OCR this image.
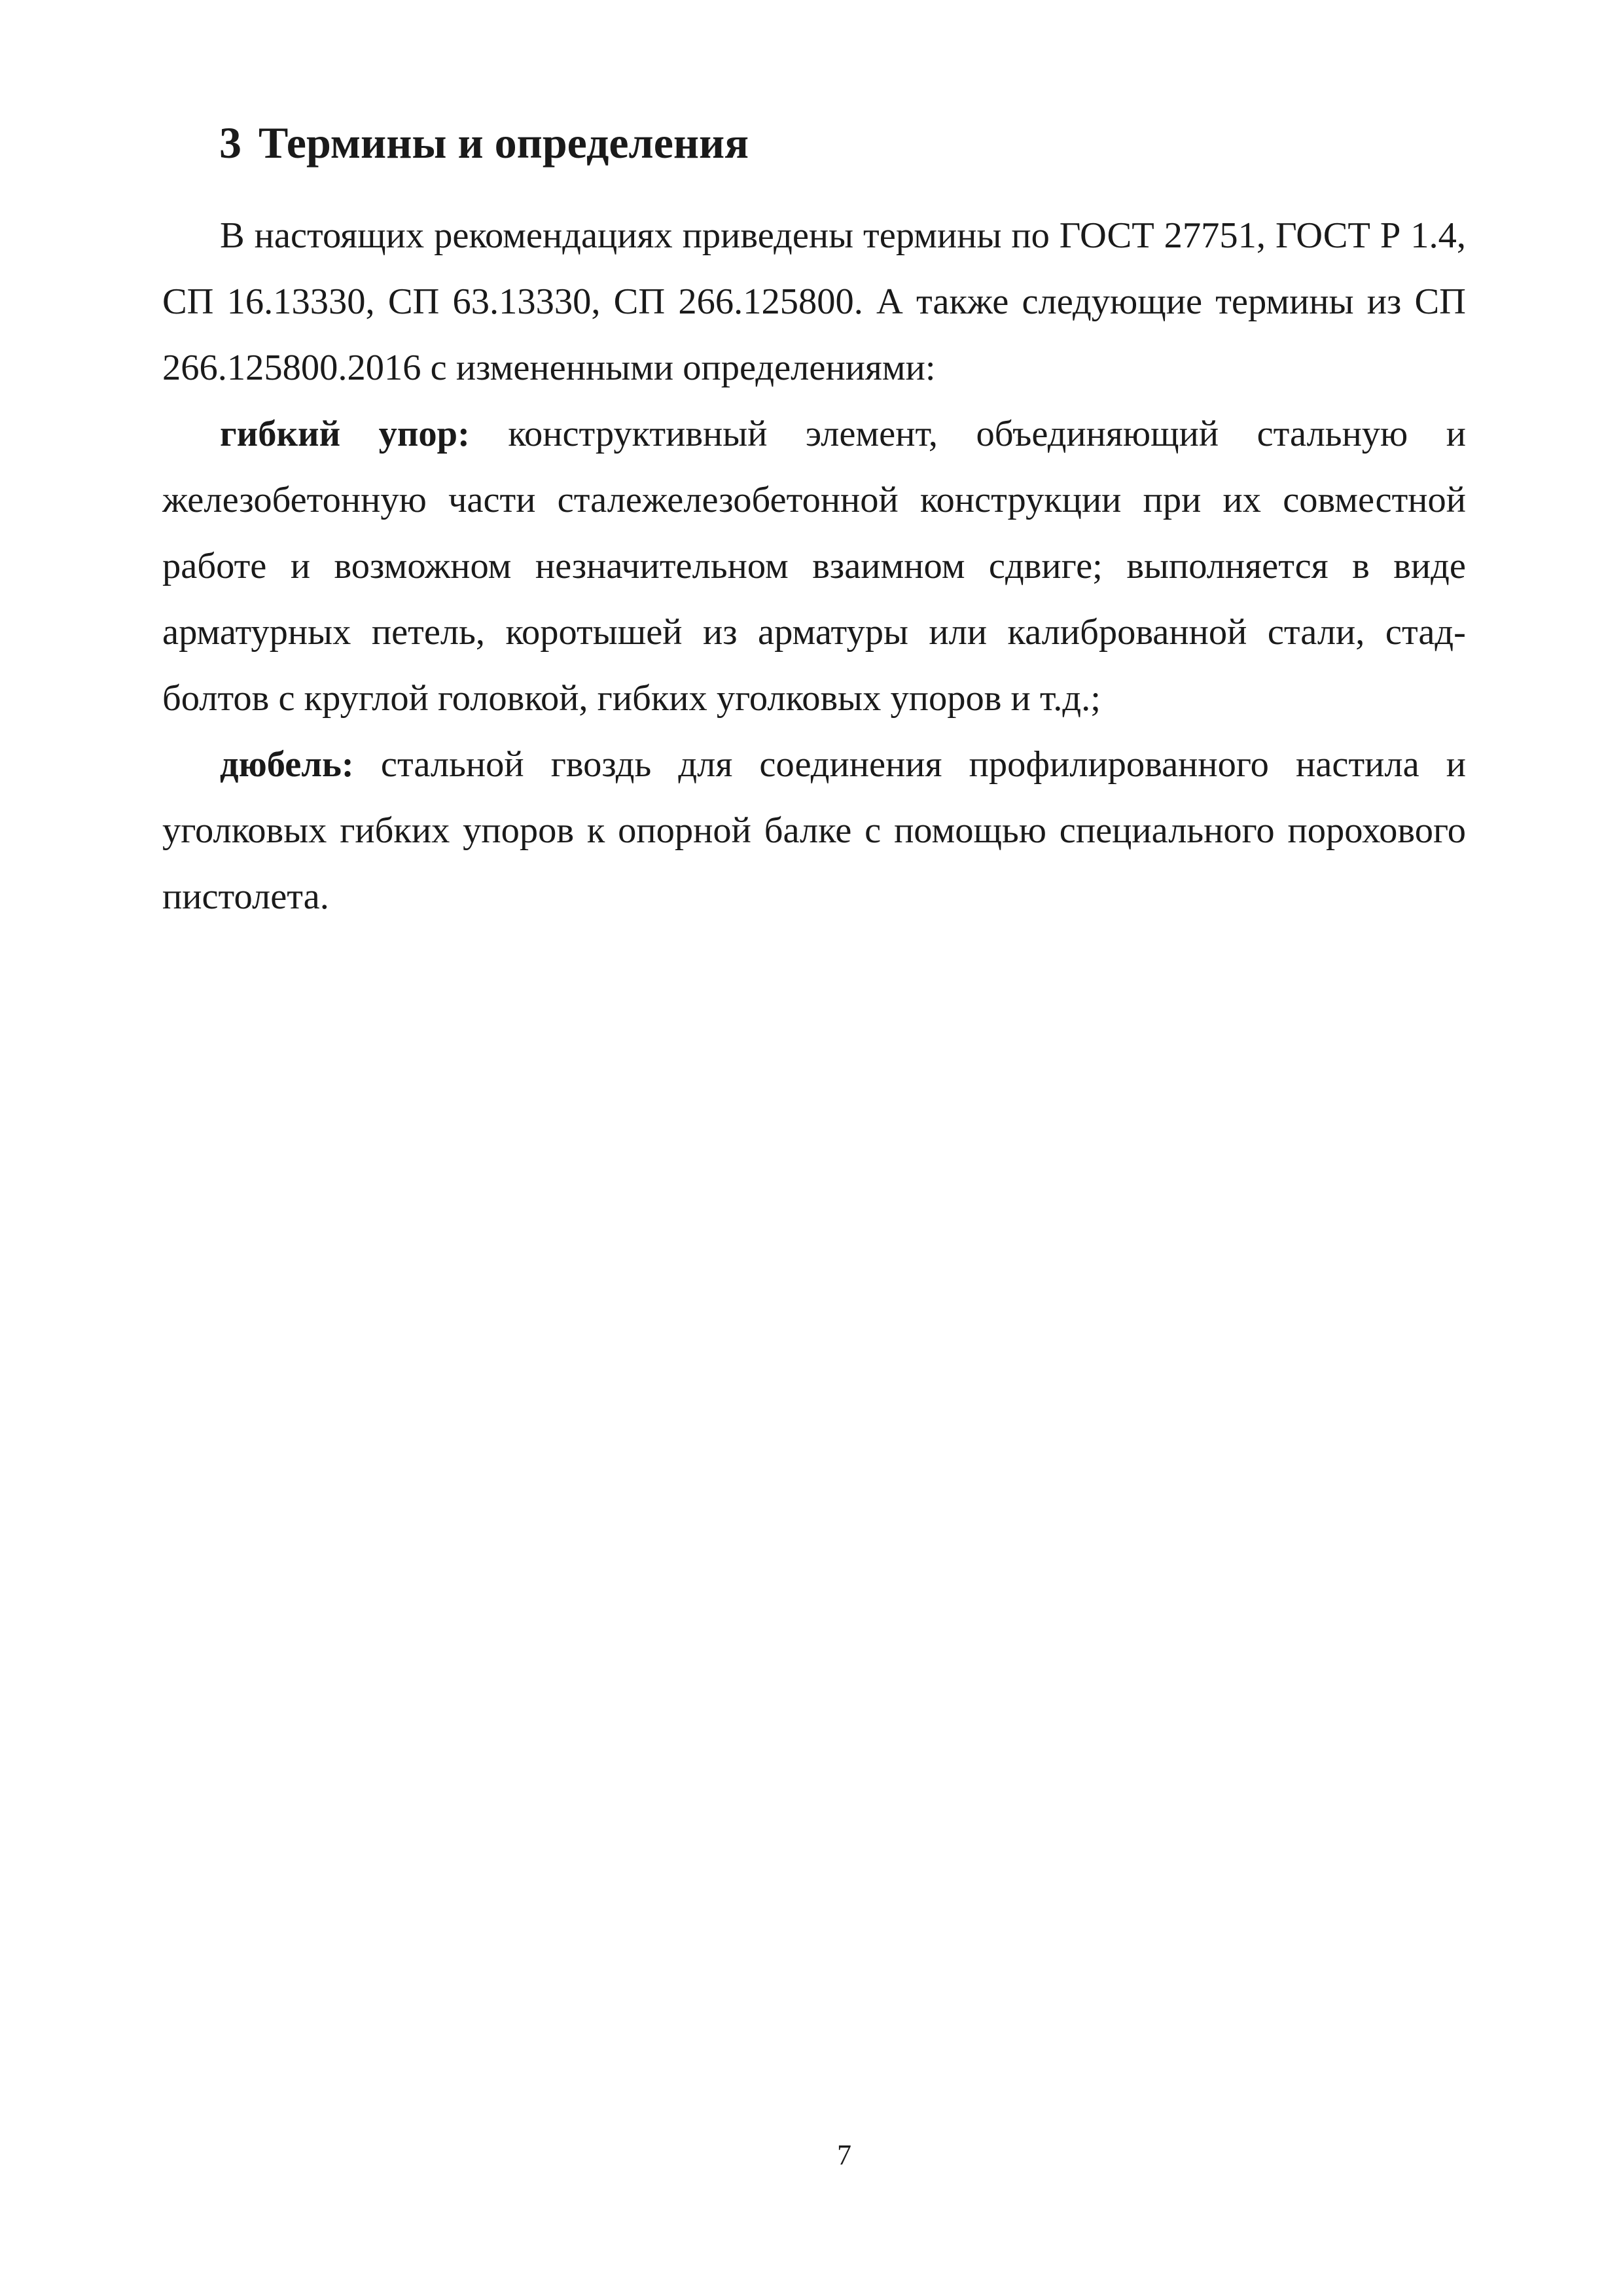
3 Термины и определения

В настоящих рекомендациях приведены термины по ГОСТ 27751, ГОСТ Р 1.4, СП 16.13330, СП 63.13330, СП 266.125800. А также следующие термины из СП 266.125800.2016 с измененными определениями:

гибкий упор: конструктивный элемент, объединяющий стальную и железобетонную части сталежелезобетонной конструкции при их совместной работе и возможном незначительном взаимном сдвиге; выполняется в виде арматурных петель, коротышей из арматуры или калиброванной стали, стад-болтов с круглой головкой, гибких уголковых упоров и т.д.;

дюбель: стальной гвоздь для соединения профилированного настила и уголковых гибких упоров к опорной балке с помощью специального порохового пистолета.

7
